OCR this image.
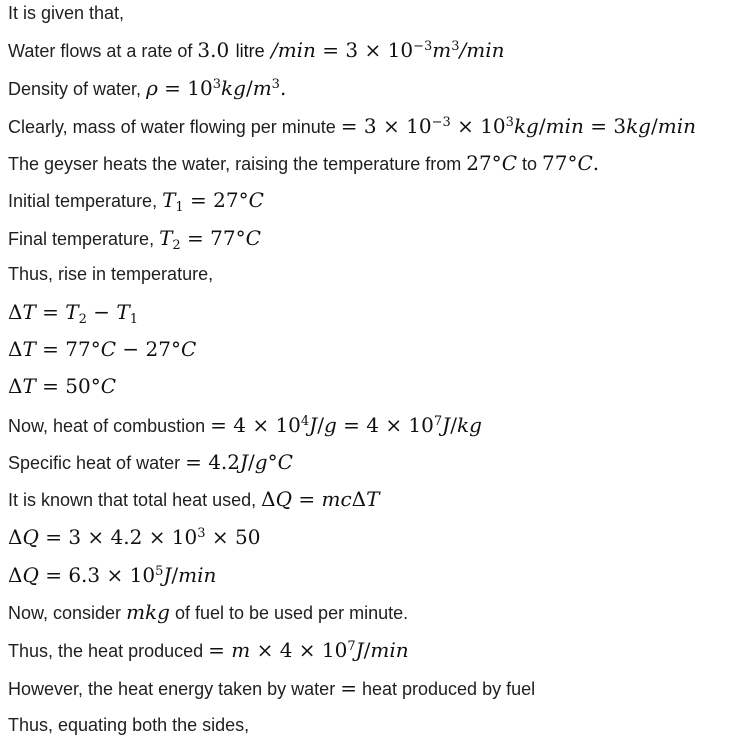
It is given that,
Water flows at a rate of 3.0 litre $/\min = 3 \times 10^{-3}m^3/\min$
Density of water, $\rho = 10^3kg/m^3$.
Clearly, mass of water flowing per minute = $3 \times 10^{-3} \times 10^3kg/\min = 3kg/\min$
The geyser heats the water, raising the temperature from 27°C to 77°C.
Initial temperature, $T_1 = 27^\circ C$
Final temperature, $T_2 = 77^\circ C$
Thus, rise in temperature,
$\Delta T = T_2 - T_1$
ΔT = 77°C − 27°C
ΔT = 50°C
Now, heat of combustion = $4 \times 10^4J/g = 4 \times 10^7J/kg$
Specific heat of water = 4.2J/g°C
It is known that total heat used, ΔQ = mcΔT
$\Delta Q = 3 \times 4.2 \times 10^3 \times 50$
$\Delta Q = 6.3 \times 10^5J/\min$
Now, consider mkg of fuel to be used per minute.
Thus, the heat produced = $m \times 4 \times 10^7J/\min$
However, the heat energy taken by water = heat produced by fuel
Thus, equating both the sides,
